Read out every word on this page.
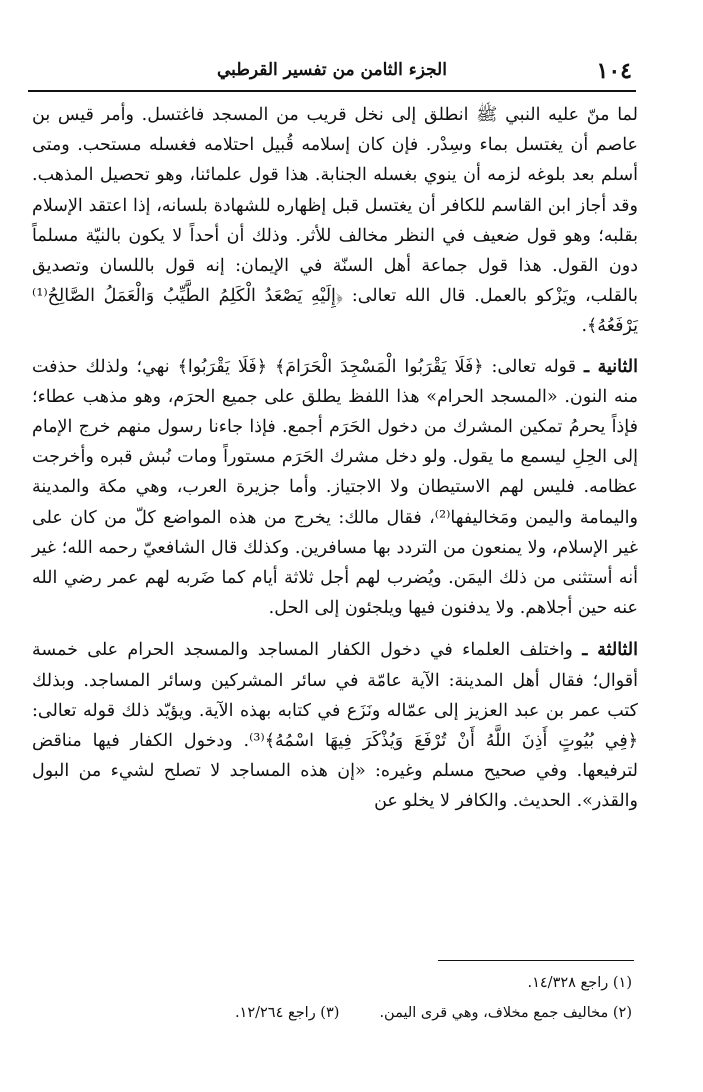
١٠٤
الجزء الثامن من تفسير القرطبي

لما منّ عليه النبي ﷺ انطلق إلى نخل قريب من المسجد فاغتسل. وأمر قيس بن عاصم أن يغتسل بماء وسِدْر. فإن كان إسلامه قُبيل احتلامه فغسله مستحب. ومتى أسلم بعد بلوغه لزمه أن ينوي بغسله الجنابة. هذا قول علمائنا، وهو تحصيل المذهب. وقد أجاز ابن القاسم للكافر أن يغتسل قبل إظهاره للشهادة بلسانه، إذا اعتقد الإسلام بقلبه؛ وهو قول ضعيف في النظر مخالف للأثر. وذلك أن أحداً لا يكون بالنيّة مسلماً دون القول. هذا قول جماعة أهل السنّة في الإيمان: إنه قول باللسان وتصديق بالقلب، ويَزْكو بالعمل. قال الله تعالى: ﴿إِلَيْهِ يَصْعَدُ الْكَلِمُ الطَّيِّبُ وَالْعَمَلُ الصَّالِحُ⁽¹⁾ يَرْفَعُهُ﴾.

الثانية ـ قوله تعالى: ﴿فَلَا يَقْرَبُوا الْمَسْجِدَ الْحَرَامَ﴾ ﴿فَلَا يَقْرَبُوا﴾ نهي؛ ولذلك حذفت منه النون. «المسجد الحرام» هذا اللفظ يطلق على جميع الحرَم، وهو مذهب عطاء؛ فإذاً يحرمُ تمكين المشرك من دخول الحَرَم أجمع. فإذا جاءنا رسول منهم خرج الإمام إلى الحِلِ ليسمع ما يقول. ولو دخل مشرك الحَرَم مستوراً ومات نُبش قبره وأخرجت عظامه. فليس لهم الاستيطان ولا الاجتياز. وأما جزيرة العرب، وهي مكة والمدينة واليمامة واليمن ومَخاليفها⁽²⁾، فقال مالك: يخرج من هذه المواضع كلّ من كان على غير الإسلام، ولا يمنعون من التردد بها مسافرين. وكذلك قال الشافعيّ رحمه الله؛ غير أنه أستثنى من ذلك اليمَن. ويُضرب لهم أجل ثلاثة أيام كما ضَربه لهم عمر رضي الله عنه حين أجلاهم. ولا يدفنون فيها ويلجئون إلى الحل.

الثالثة ـ واختلف العلماء في دخول الكفار المساجد والمسجد الحرام على خمسة أقوال؛ فقال أهل المدينة: الآية عامّة في سائر المشركين وسائر المساجد. وبذلك كتب عمر بن عبد العزيز إلى عمّاله ونَزَع في كتابه بهذه الآية. ويؤيّد ذلك قوله تعالى: ﴿فِي بُيُوتٍ أَذِنَ اللَّهُ أَنْ تُرْفَعَ وَيُذْكَرَ فِيهَا اسْمُهُ﴾⁽³⁾. ودخول الكفار فيها مناقض لترفيعها. وفي صحيح مسلم وغيره: «إن هذه المساجد لا تصلح لشيء من البول والقذر». الحديث. والكافر لا يخلو عن

(١) راجع ١٤/٣٢٨.

(٢) مخاليف جمع مخلاف، وهي قرى اليمن.(٣) راجع ١٢/٢٦٤.
